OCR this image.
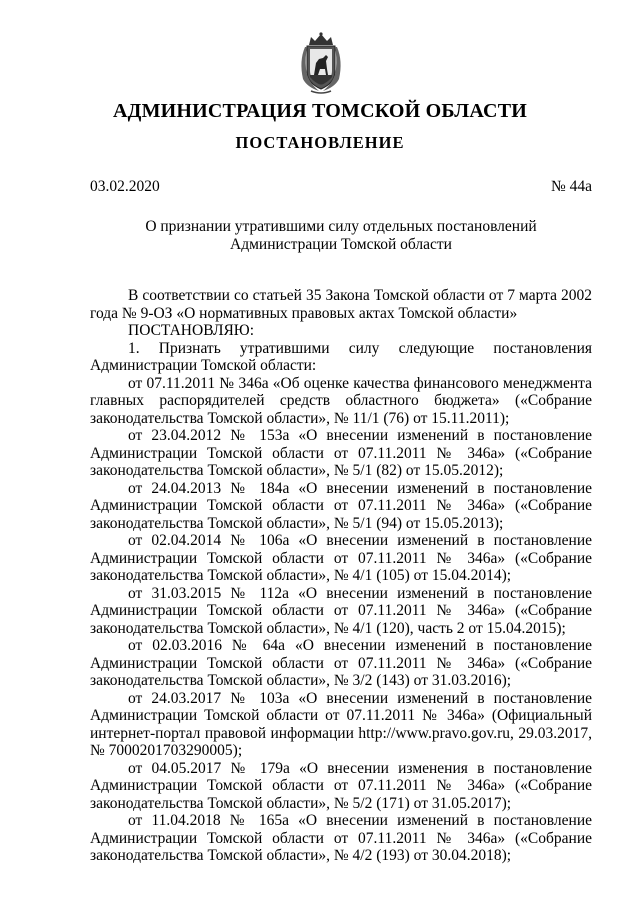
АДМИНИСТРАЦИЯ ТОМСКОЙ ОБЛАСТИ
ПОСТАНОВЛЕНИЕ
03.02.2020	№ 44а
О признании утратившими силу отдельных постановлений
Администрации Томской области

В соответствии со статьей 35 Закона Томской области от 7 марта 2002 года № 9-ОЗ «О нормативных правовых актах Томской области»

ПОСТАНОВЛЯЮ:

1. Признать утратившими силу следующие постановления Администрации Томской области:

от 07.11.2011 № 346а «Об оценке качества финансового менеджмента главных распорядителей средств областного бюджета» («Собрание законодательства Томской области», № 11/1 (76) от 15.11.2011);

от 23.04.2012 № 153а «О внесении изменений в постановление Администрации Томской области от 07.11.2011 № 346а» («Собрание законодательства Томской области», № 5/1 (82) от 15.05.2012);

от 24.04.2013 № 184а «О внесении изменений в постановление Администрации Томской области от 07.11.2011 № 346а» («Собрание законодательства Томской области», № 5/1 (94) от 15.05.2013);

от 02.04.2014 № 106а «О внесении изменений в постановление Администрации Томской области от 07.11.2011 № 346а» («Собрание законодательства Томской области», № 4/1 (105) от 15.04.2014);

от 31.03.2015 № 112а «О внесении изменений в постановление Администрации Томской области от 07.11.2011 № 346а» («Собрание законодательства Томской области», № 4/1 (120), часть 2 от 15.04.2015);

от 02.03.2016 № 64а «О внесении изменений в постановление Администрации Томской области от 07.11.2011 № 346а» («Собрание законодательства Томской области», № 3/2 (143) от 31.03.2016);

от 24.03.2017 № 103а «О внесении изменений в постановление Администрации Томской области от 07.11.2011 № 346а» (Официальный интернет-портал правовой информации http://www.pravo.gov.ru, 29.03.2017, № 7000201703290005);

от 04.05.2017 № 179а «О внесении изменения в постановление Администрации Томской области от 07.11.2011 № 346а» («Собрание законодательства Томской области», № 5/2 (171) от 31.05.2017);

от 11.04.2018 № 165а «О внесении изменений в постановление Администрации Томской области от 07.11.2011 № 346а» («Собрание законодательства Томской области», № 4/2 (193) от 30.04.2018);
